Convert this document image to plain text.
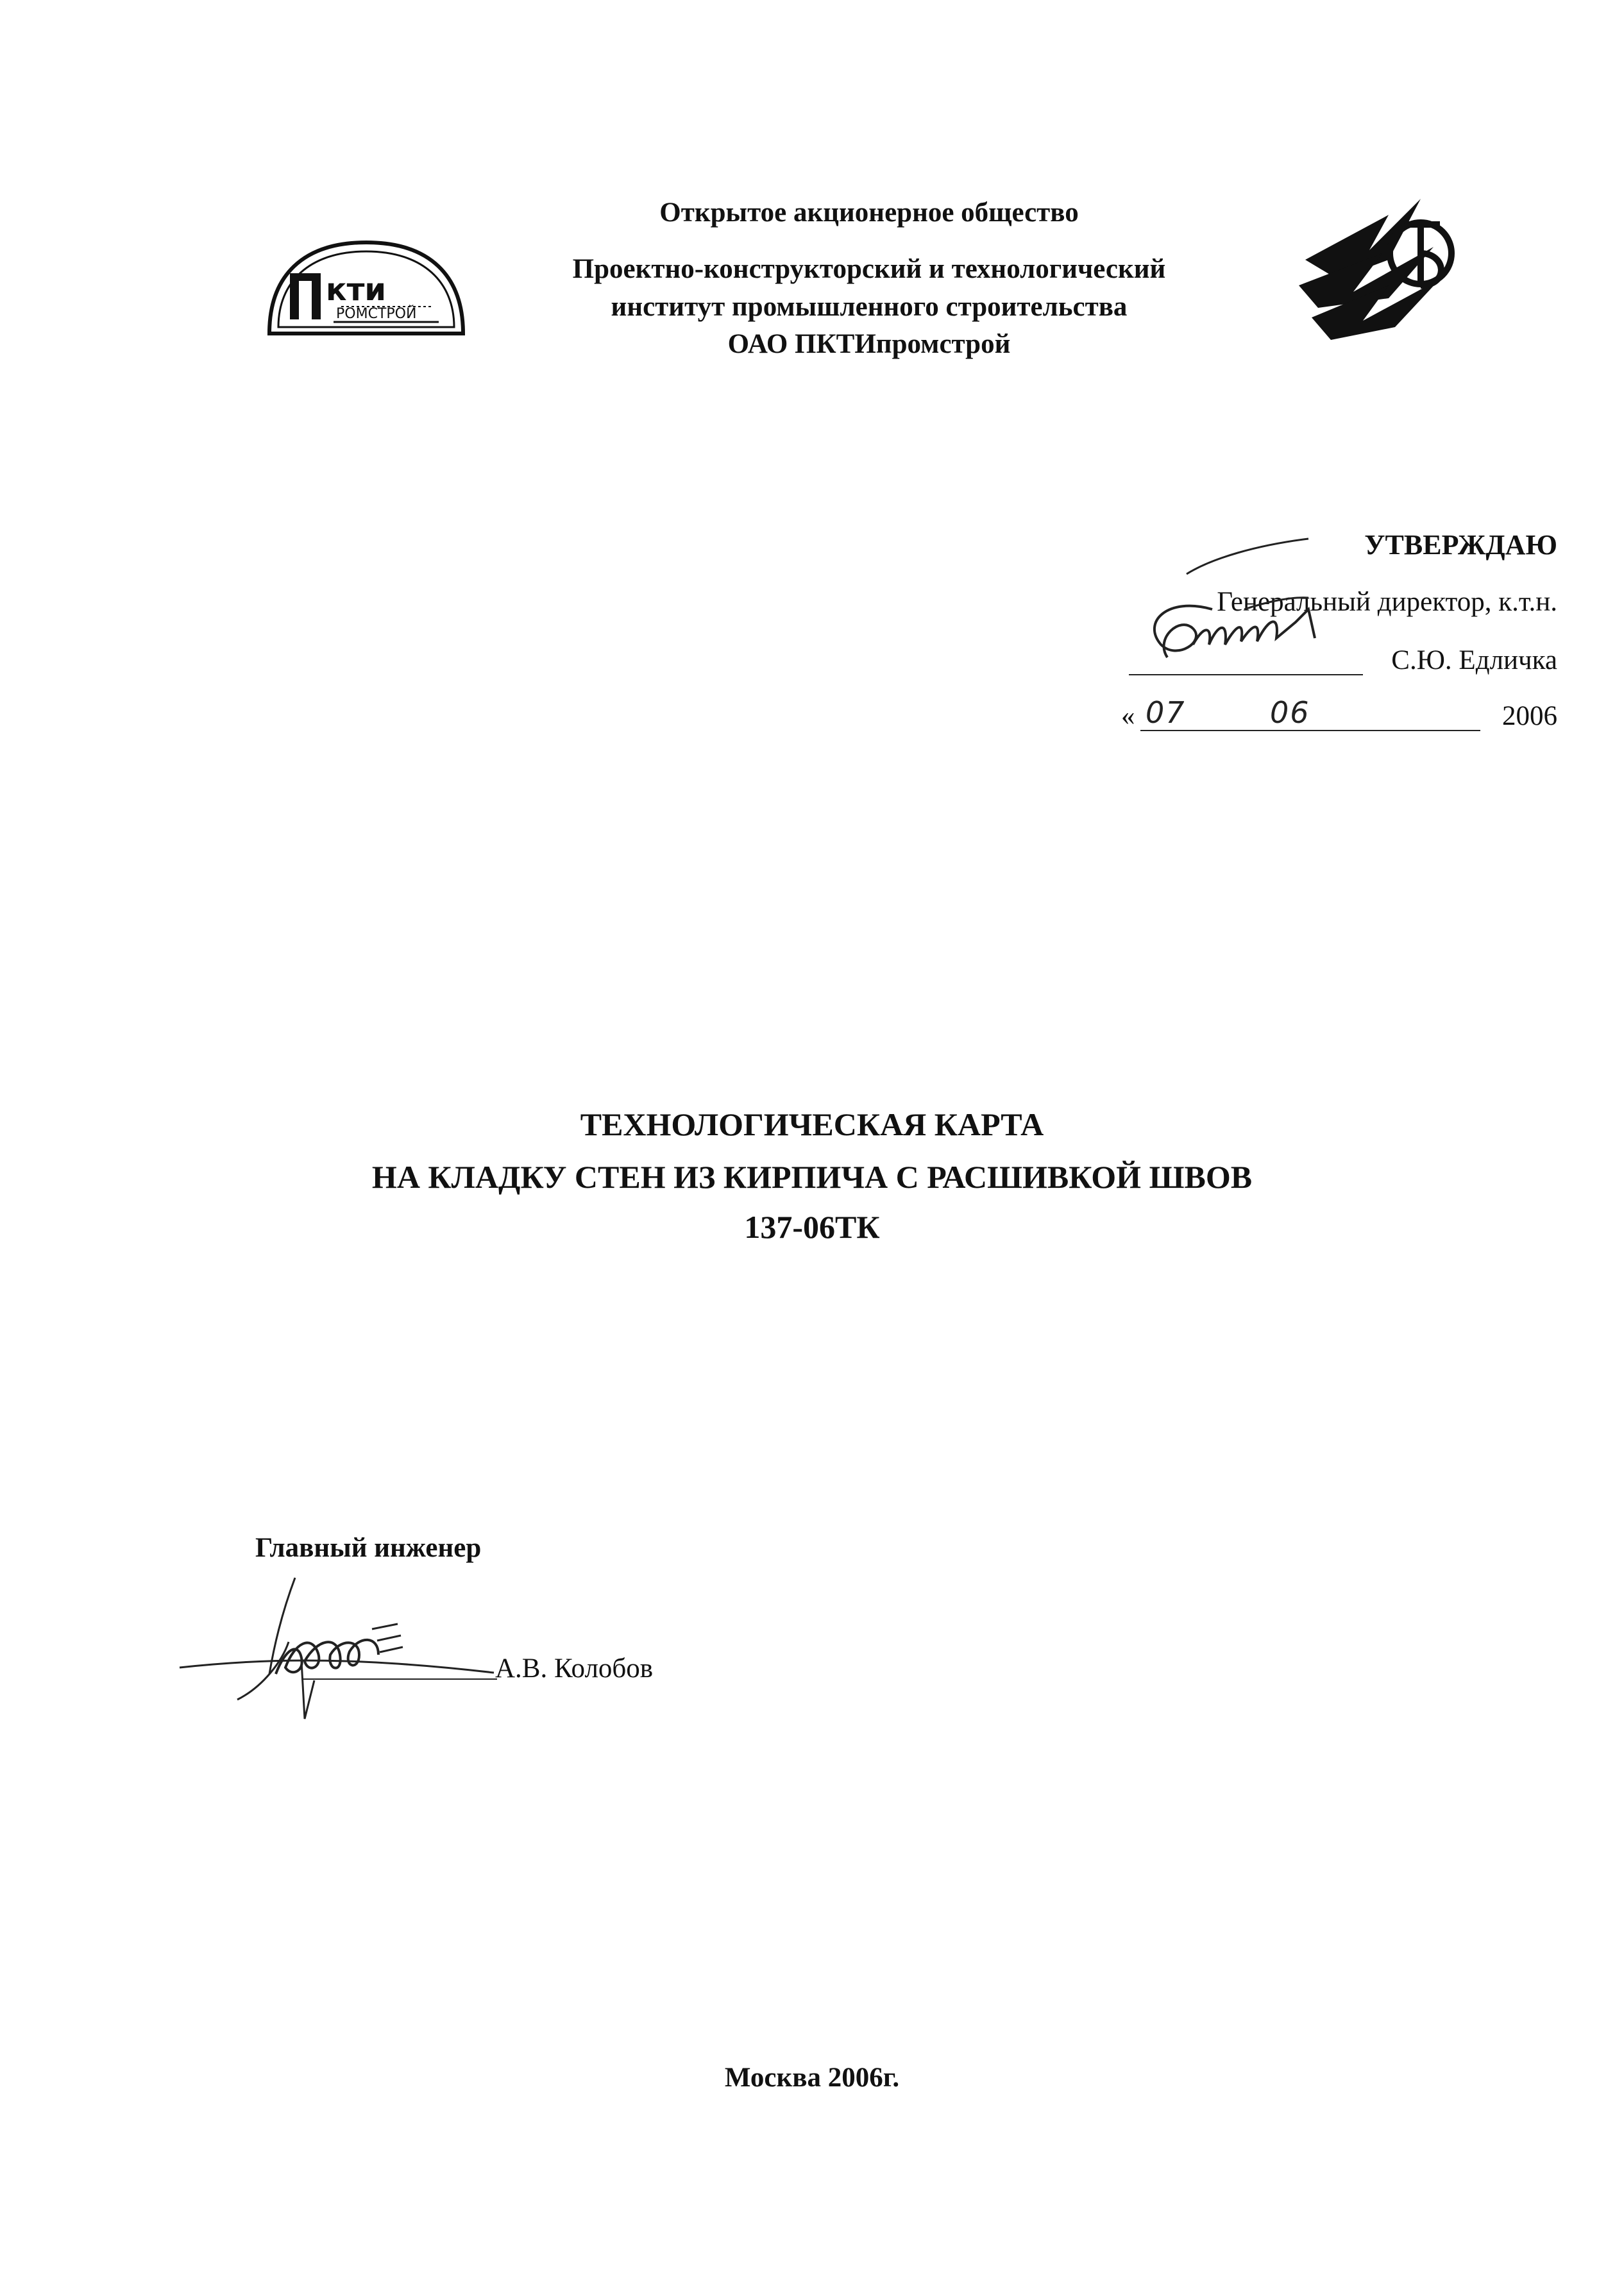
кти
РОМСТРОЙ
Открытое акционерное общество
Проектно-конструкторский и технологический
институт промышленного строительства
ОАО ПКТИпромстрой
УТВЕРЖДАЮ
Генеральный директор, к.т.н.
С.Ю. Едличка
« 07	06	2006
ТЕХНОЛОГИЧЕСКАЯ КАРТА
НА КЛАДКУ СТЕН ИЗ КИРПИЧА С РАСШИВКОЙ ШВОВ
137-06ТК
Главный инженер
А.В. Колобов
Москва 2006г.
